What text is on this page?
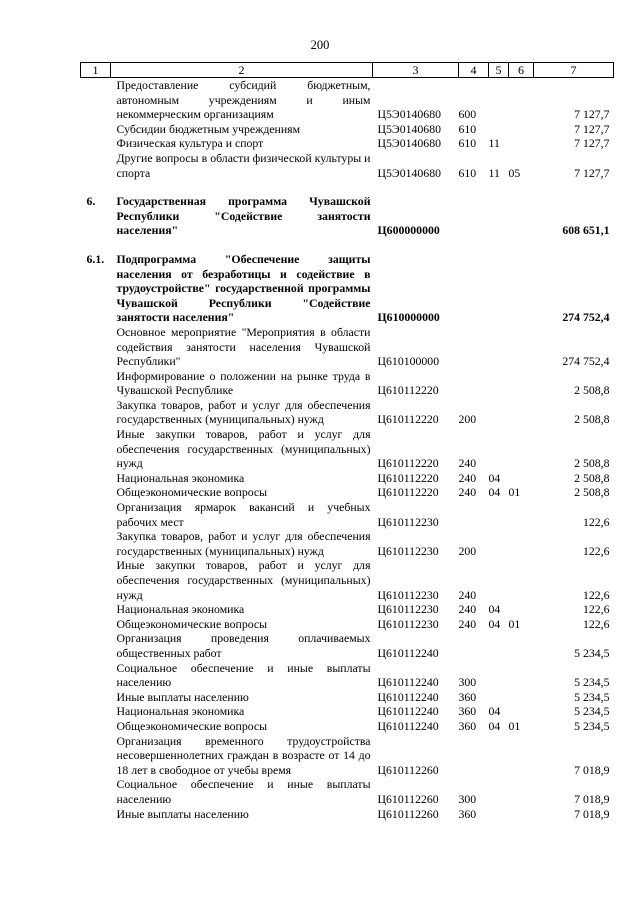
200
1	2	3	4	5	6	7
	Предоставление субсидий бюджетным, автономным учреждениям и иным некоммерческим организациям	Ц5Э0140680	600			7 127,7
	Субсидии бюджетным учреждениям	Ц5Э0140680	610			7 127,7
	Физическая культура и спорт	Ц5Э0140680	610	11		7 127,7
	Другие вопросы в области физической культуры и спорта	Ц5Э0140680	610	11	05	7 127,7

6.	Государственная программа Чувашской Республики "Содействие занятости населения"	Ц600000000				608 651,1

6.1.	Подпрограмма "Обеспечение защиты населения от безработицы и содействие в трудоустройстве" государственной программы Чувашской Республики "Содействие занятости населения"	Ц610000000				274 752,4
	Основное мероприятие "Мероприятия в области содействия занятости населения Чувашской Республики"	Ц610100000				274 752,4
	Информирование о положении на рынке труда в Чувашской Республике	Ц610112220				2 508,8
	Закупка товаров, работ и услуг для обеспечения государственных (муниципальных) нужд	Ц610112220	200			2 508,8
	Иные закупки товаров, работ и услуг для обеспечения государственных (муниципальных) нужд	Ц610112220	240			2 508,8
	Национальная экономика	Ц610112220	240	04		2 508,8
	Общеэкономические вопросы	Ц610112220	240	04	01	2 508,8
	Организация ярмарок вакансий и учебных рабочих мест	Ц610112230				122,6
	Закупка товаров, работ и услуг для обеспечения государственных (муниципальных) нужд	Ц610112230	200			122,6
	Иные закупки товаров, работ и услуг для обеспечения государственных (муниципальных) нужд	Ц610112230	240			122,6
	Национальная экономика	Ц610112230	240	04		122,6
	Общеэкономические вопросы	Ц610112230	240	04	01	122,6
	Организация проведения оплачиваемых общественных работ	Ц610112240				5 234,5
	Социальное обеспечение и иные выплаты населению	Ц610112240	300			5 234,5
	Иные выплаты населению	Ц610112240	360			5 234,5
	Национальная экономика	Ц610112240	360	04		5 234,5
	Общеэкономические вопросы	Ц610112240	360	04	01	5 234,5
	Организация временного трудоустройства несовершеннолетних граждан в возрасте от 14 до 18 лет в свободное от учебы время	Ц610112260				7 018,9
	Социальное обеспечение и иные выплаты населению	Ц610112260	300			7 018,9
	Иные выплаты населению	Ц610112260	360			7 018,9
